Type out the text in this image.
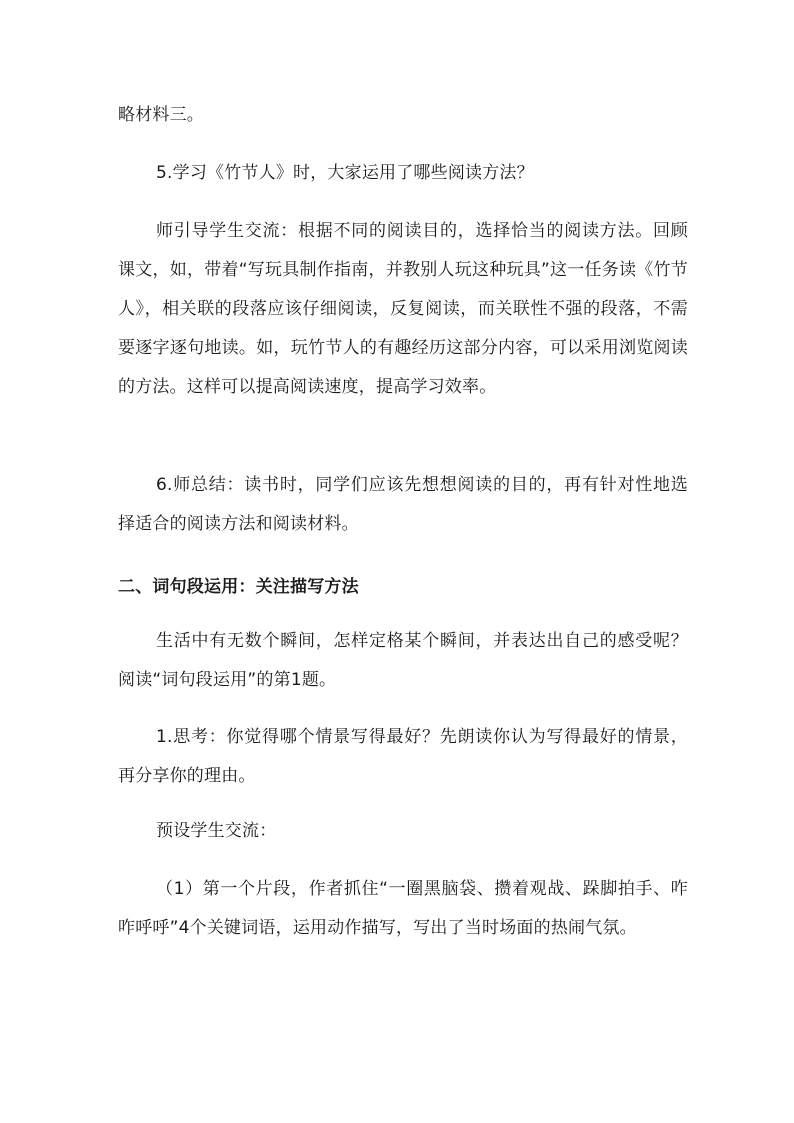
略材料三。

5.学习《竹节人》时，大家运用了哪些阅读方法？

师引导学生交流：根据不同的阅读目的，选择恰当的阅读方法。回顾课文，如，带着“写玩具制作指南，并教别人玩这种玩具”这一任务读《竹节人》，相关联的段落应该仔细阅读，反复阅读，而关联性不强的段落，不需要逐字逐句地读。如，玩竹节人的有趣经历这部分内容，可以采用浏览阅读的方法。这样可以提高阅读速度，提高学习效率。

6.师总结：读书时，同学们应该先想想阅读的目的，再有针对性地选择适合的阅读方法和阅读材料。

二、词句段运用：关注描写方法

生活中有无数个瞬间，怎样定格某个瞬间，并表达出自己的感受呢？阅读“词句段运用”的第1题。

1.思考：你觉得哪个情景写得最好？先朗读你认为写得最好的情景，再分享你的理由。

预设学生交流：

（1）第一个片段，作者抓住“一圈黑脑袋、攒着观战、跺脚拍手、咋咋呼呼”4个关键词语，运用动作描写，写出了当时场面的热闹气氛。
